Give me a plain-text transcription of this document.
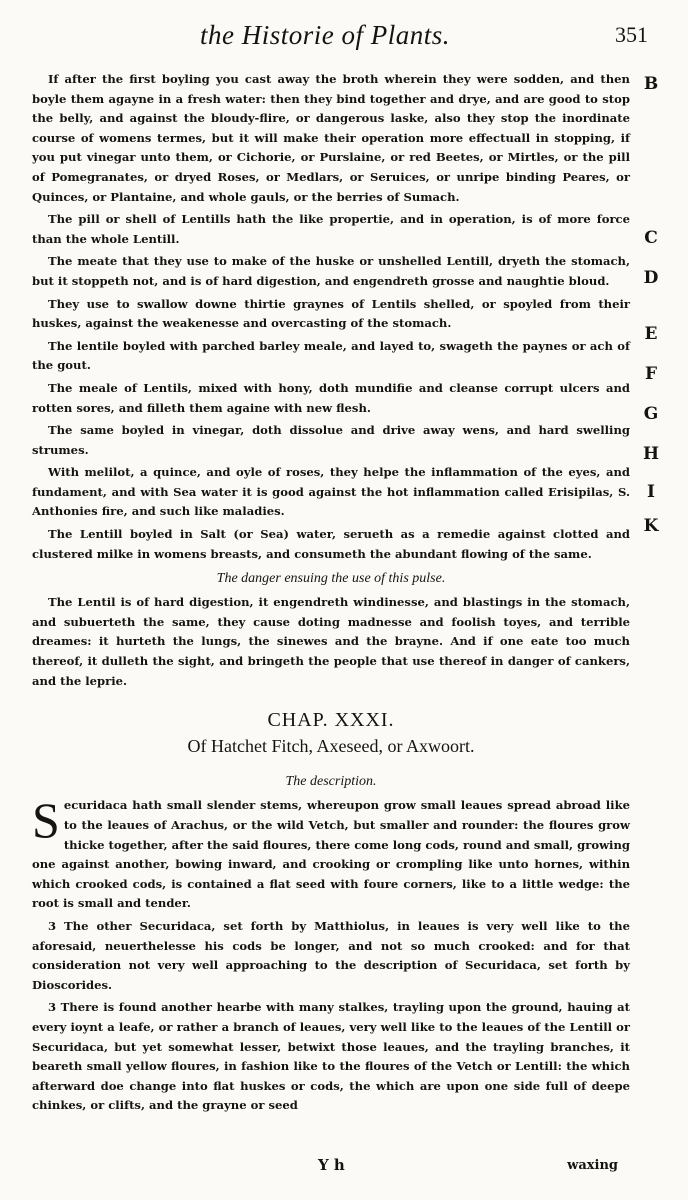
the Historie of Plants.	351
B
C
D
E
F
G
H
I
K

If after the first boyling you cast away the broth wherein they were sodden, and then boyle them agayne in a fresh water: then they bind together and drye, and are good to stop the belly, and against the bloudy-flire, or dangerous laske, also they stop the inordinate course of womens termes, but it will make their operation more effectuall in stopping, if you put vinegar unto them, or Cichorie, or Purslaine, or red Beetes, or Mirtles, or the pill of Pomegranates, or dryed Roses, or Medlars, or Seruices, or unripe binding Peares, or Quinces, or Plantaine, and whole gauls, or the berries of Sumach.

The pill or shell of Lentills hath the like propertie, and in operation, is of more force than the whole Lentill.

The meate that they use to make of the huske or unshelled Lentill, dryeth the stomach, but it stoppeth not, and is of hard digestion, and engendreth grosse and naughtie bloud.

They use to swallow downe thirtie graynes of Lentils shelled, or spoyled from their huskes, against the weakenesse and overcasting of the stomach.

The lentile boyled with parched barley meale, and layed to, swageth the paynes or ach of the gout.

The meale of Lentils, mixed with hony, doth mundifie and cleanse corrupt ulcers and rotten sores, and filleth them againe with new flesh.

The same boyled in vinegar, doth dissolue and drive away wens, and hard swelling strumes.

With melilot, a quince, and oyle of roses, they helpe the inflammation of the eyes, and fundament, and with Sea water it is good against the hot inflammation called Erisipilas, S. Anthonies fire, and such like maladies.

The Lentill boyled in Salt (or Sea) water, serueth as a remedie against clotted and clustered milke in womens breasts, and consumeth the abundant flowing of the same.

The danger ensuing the use of this pulse.

The Lentil is of hard digestion, it engendreth windinesse, and blastings in the stomach, and subuerteth the same, they cause doting madnesse and foolish toyes, and terrible dreames: it hurteth the lungs, the sinewes and the brayne. And if one eate too much thereof, it dulleth the sight, and bringeth the people that use thereof in danger of cankers, and the leprie.

CHAP. XXXI.
Of Hatchet Fitch, Axeseed, or Axwoort.
The description.

Securidaca hath small slender stems, whereupon grow small leaues spread abroad like to the leaues of Arachus, or the wild Vetch, but smaller and rounder: the floures grow thicke together, after the said floures, there come long cods, round and small, growing one against another, bowing inward, and crooking or crompling like unto hornes, within which crooked cods, is contained a flat seed with foure corners, like to a little wedge: the root is small and tender.

3 The other Securidaca, set forth by Matthiolus, in leaues is very well like to the aforesaid, neuerthelesse his cods be longer, and not so much crooked: and for that consideration not very well approaching to the description of Securidaca, set forth by Dioscorides.

3 There is found another hearbe with many stalkes, trayling upon the ground, hauing at every ioynt a leafe, or rather a branch of leaues, very well like to the leaues of the Lentill or Securidaca, but yet somewhat lesser, betwixt those leaues, and the trayling branches, it beareth small yellow floures, in fashion like to the floures of the Vetch or Lentill: the which afterward doe change into flat huskes or cods, the which are upon one side full of deepe chinkes, or clifts, and the grayne or seed

Y h	waxing
